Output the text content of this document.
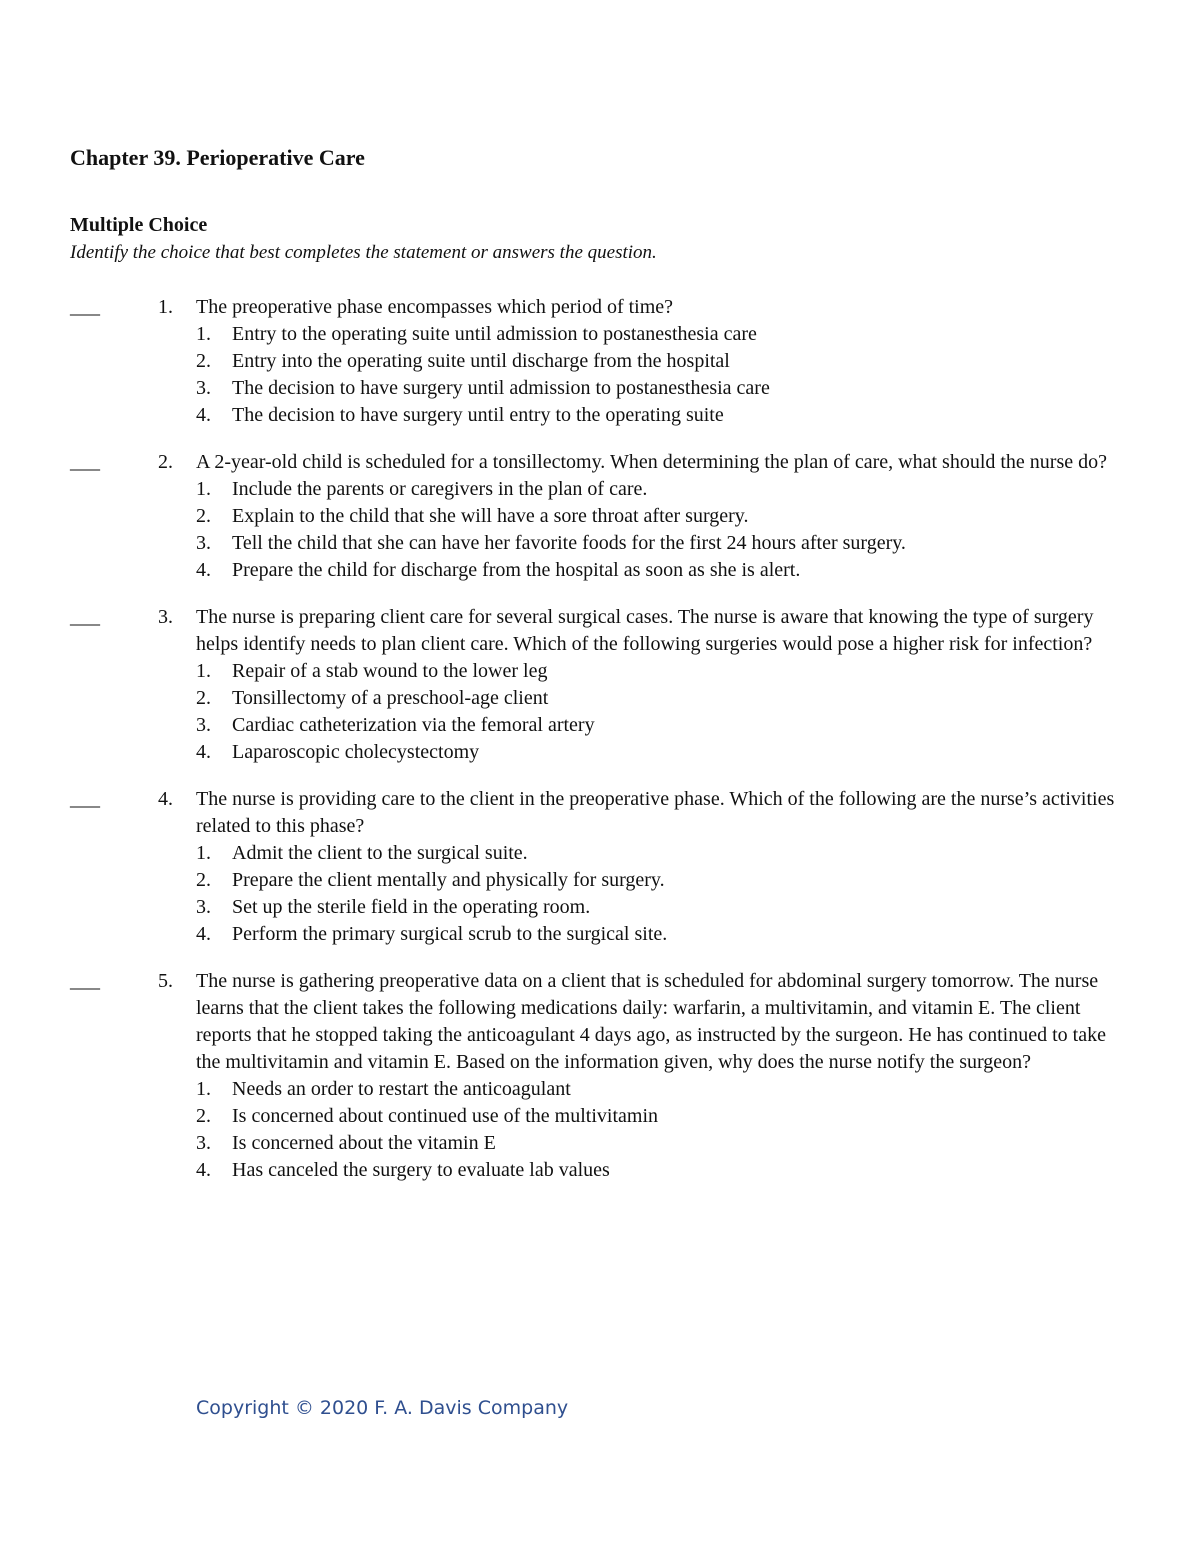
Chapter 39. Perioperative Care
Multiple Choice
Identify the choice that best completes the statement or answers the question.
___	1.	The preoperative phase encompasses which period of time?
1. Entry to the operating suite until admission to postanesthesia care
2. Entry into the operating suite until discharge from the hospital
3. The decision to have surgery until admission to postanesthesia care
4. The decision to have surgery until entry to the operating suite
___	2.	A 2-year-old child is scheduled for a tonsillectomy. When determining the plan of care, what should the nurse do?
1. Include the parents or caregivers in the plan of care.
2. Explain to the child that she will have a sore throat after surgery.
3. Tell the child that she can have her favorite foods for the first 24 hours after surgery.
4. Prepare the child for discharge from the hospital as soon as she is alert.
___	3.	The nurse is preparing client care for several surgical cases. The nurse is aware that knowing the type of surgery helps identify needs to plan client care. Which of the following surgeries would pose a higher risk for infection?
1. Repair of a stab wound to the lower leg
2. Tonsillectomy of a preschool-age client
3. Cardiac catheterization via the femoral artery
4. Laparoscopic cholecystectomy
___	4.	The nurse is providing care to the client in the preoperative phase. Which of the following are the nurse’s activities related to this phase?
1. Admit the client to the surgical suite.
2. Prepare the client mentally and physically for surgery.
3. Set up the sterile field in the operating room.
4. Perform the primary surgical scrub to the surgical site.
___	5.	The nurse is gathering preoperative data on a client that is scheduled for abdominal surgery tomorrow. The nurse learns that the client takes the following medications daily: warfarin, a multivitamin, and vitamin E. The client reports that he stopped taking the anticoagulant 4 days ago, as instructed by the surgeon. He has continued to take the multivitamin and vitamin E. Based on the information given, why does the nurse notify the surgeon?
1. Needs an order to restart the anticoagulant
2. Is concerned about continued use of the multivitamin
3. Is concerned about the vitamin E
4. Has canceled the surgery to evaluate lab values
Copyright © 2020 F. A. Davis Company
